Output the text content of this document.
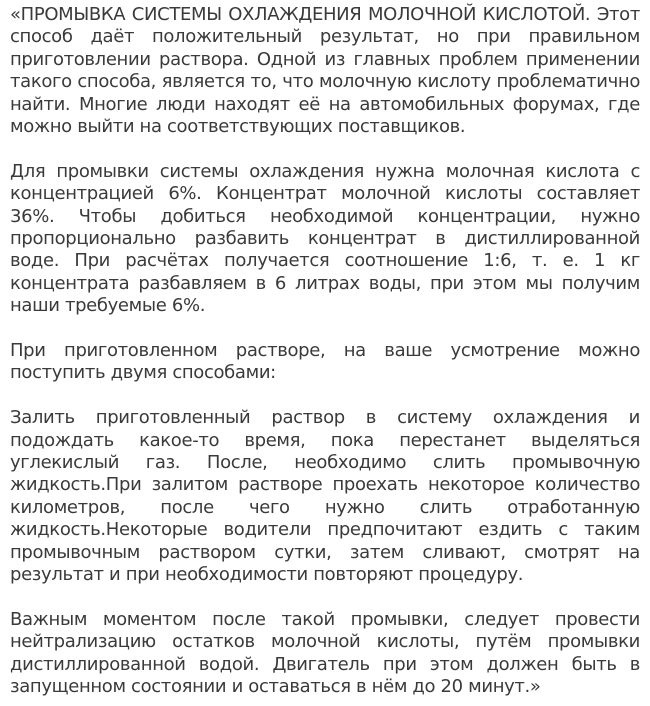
«ПРОМЫВКА СИСТЕМЫ ОХЛАЖДЕНИЯ МОЛОЧНОЙ КИСЛОТОЙ. Этот способ даёт положительный результат, но при правильном приготовлении раствора. Одной из главных проблем применении такого способа, является то, что молочную кислоту проблематично найти. Многие люди находят её на автомобильных форумах, где можно выйти на соответствующих поставщиков.

Для промывки системы охлаждения нужна молочная кислота с концентрацией 6%. Концентрат молочной кислоты составляет 36%. Чтобы добиться необходимой концентрации, нужно пропорционально разбавить концентрат в дистиллированной воде. При расчётах получается соотношение 1:6, т. е. 1 кг концентрата разбавляем в 6 литрах воды, при этом мы получим наши требуемые 6%.

При приготовленном растворе, на ваше усмотрение можно поступить двумя способами:

Залить приготовленный раствор в систему охлаждения и подождать какое-то время, пока перестанет выделяться углекислый газ. После, необходимо слить промывочную жидкость.При залитом растворе проехать некоторое количество километров, после чего нужно слить отработанную жидкость.Некоторые водители предпочитают ездить с таким промывочным раствором сутки, затем сливают, смотрят на результат и при необходимости повторяют процедуру.

Важным моментом после такой промывки, следует провести нейтрализацию остатков молочной кислоты, путём промывки дистиллированной водой. Двигатель при этом должен быть в запущенном состоянии и оставаться в нём до 20 минут.»
